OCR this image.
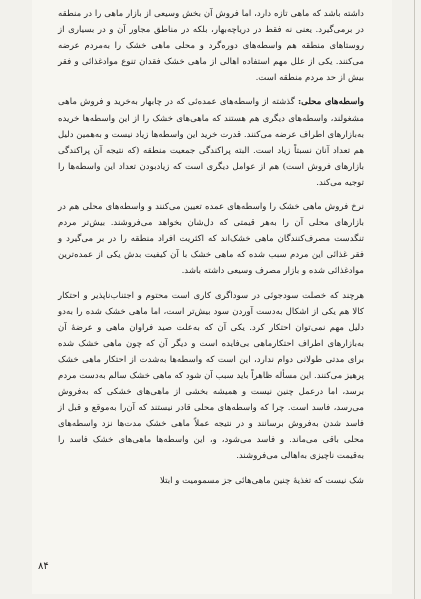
داشته باشد که ماهی تازه دارد، اما فروش آن بخش وسیعی از بازار ماهی را در منطقه در برمی‌گیرد. یعنی نه فقط در دریاچه‌بهار، بلکه در مناطق مجاور آن و در بسیاری از روستاهای منطقه هم واسطه‌های دوره‌گرد و محلی ماهی خشک را به‌مردم عرضه می‌کنند. یکی از علل مهم استفاده اهالی از ماهی خشک فقدان تنوع مواد‌غذائی و فقر بیش از حد مردم منطقه است.

واسطه‌های محلی: گذشته از واسطه‌های عمده‌ئی که در چابهار به‌خرید و فروش ماهی مشغولند، واسطه‌های دیگری هم هستند که ماهی‌های خشک را از این واسطه‌ها خریده به‌بازارهای اطراف عرضه می‌کنند. قدرت خرید این واسطه‌ها زیاد نیست و به‌همین دلیل هم تعداد آنان نسبتاً زیاد است. البته پراکندگی جمعیت منطقه (که نتیجه آن پراکندگی بازارهای فروش است) هم از عوامل دیگری است که زیادبودن تعداد این واسطه‌ها را توجیه می‌کند.

نرخ فروش ماهی خشک را واسطه‌های عمده تعیین می‌کنند و واسطه‌های محلی هم در بازارهای محلی آن را به‌هر قیمتی که دل‌شان بخواهد می‌فروشند. بیش‌تر مردم تنگدست مصرف‌کنندگان ماهی خشک‌اند که اکثریت افراد منطقه را در بر می‌گیرد و فقر غذائی این مردم سبب شده که ماهی خشک با آن کیفیت بدش یکی از عمده‌ترین مواد‌غذائی شده و بازار مصرف وسیعی داشته باشد.

هرچند که خصلت سودجوئی در سوداگری کاری است محتوم و اجتناب‌ناپذیر و احتکار کالا هم یکی از اشکال به‌دست آوردن سود بیش‌تر است، اما ماهی خشک شده را به‌دو دلیل مهم نمی‌توان احتکار کرد. یکی آن که به‌علت صید فراوان ماهی و عرضهٔ آن به‌بازارهای اطراف احتکارماهی بی‌فایده است و دیگر آن که چون ماهی خشک شده برای مدتی طولانی دوام ندارد، این است که واسطه‌ها به‌شدت از احتکار ماهی خشک پرهیز می‌کنند. این مسأله ظاهراً باید سبب آن شود که ماهی خشک سالم به‌دست مردم برسد، اما درعمل چنین نیست و همیشه بخشی از ماهی‌های خشکی که به‌فروش می‌رسد، فاسد است. چرا که واسطه‌های محلی قادر نیستند که آن‌را به‌موقع و قبل از فاسد شدن به‌فروش برسانند و در نتیجه عملاً ماهی خشک مدت‌ها نزد واسطه‌های محلی باقی می‌ماند. و فاسد می‌شود، و، این واسطه‌ها ماهی‌های خشک فاسد را به‌قیمت ناچیزی به‌اهالی می‌فروشند.

شک نیست که تغذیهٔ چنین ماهی‌هائی جز مسمومیت و ابتلا

۸۴
